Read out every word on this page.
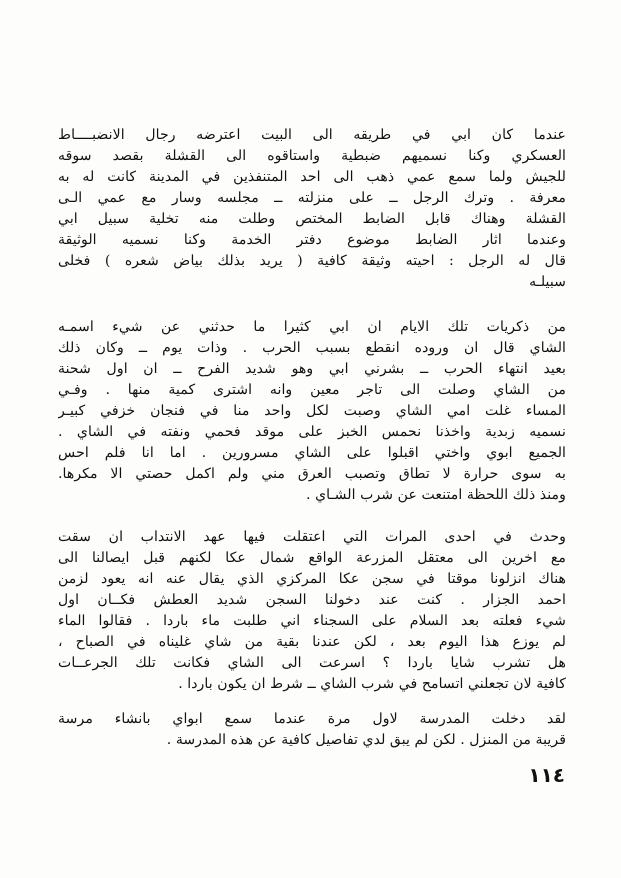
عندما كان ابي في طريقه الى البيت اعترضه رجال الانضبــــاط
العسكري وكنا نسميهم ضبطية واستاقوه الى القشلة بقصد سوقه
للجيش ولما سمع عمي ذهب الى احد المتنفذين في المدينة كانت له به
معرفة . وترك الرجل ــ على منزلته ــ مجلسه وسار مع عمي الـى
القشلة وهناك قابل الضابط المختص وطلت منه تخلية سبيل ابي
وعندما اثار الضابط موضوع دفتر الخدمة وكنا نسميه الوثيقة
قال له الرجل : احيته وثيقة كافية ( يريد بذلك بياض شعره ) فخلى
سبيلـه
من ذكريات تلك الايام ان ابي كثيرا ما حدثني عن شيء اسمـه
الشاي قال ان وروده انقطع بسبب الحرب . وذات يوم ــ وكان ذلك
بعيد انتهاء الحرب ــ بشرني ابي وهو شديد الفرح ــ ان اول شحنة
من الشاي وصلت الى تاجر معين وانه اشترى كمية منها . وفـي
المساء غلت امي الشاي وصبت لكل واحد منا في فنجان خزفي كبيـر
نسميه زبدية واخذنا نحمس الخبز على موقد فحمي ونفته في الشاي .
الجميع ابوي واختي اقبلوا على الشاي مسرورين . اما انا فلم احس
به سوى حرارة لا تطاق وتصبب العرق مني ولم اكمل حصتي الا مكرها.
ومنذ ذلك اللحظة امتنعت عن شرب الشـاي .
وحدث في احدى المرات التي اعتقلت فيها عهد الانتداب ان سقت
مع اخرين الى معتقل المزرعة الواقع شمال عكا لكنهم قبل ايصالنا الى
هناك انزلونا موقتا في سجن عكا المركزي الذي يقال عنه انه يعود لزمن
احمد الجزار . كنت عند دخولنا السجن شديد العطش فكــان اول
شيء فعلته بعد السلام على السجناء اني طلبت ماء باردا . فقالوا الماء
لم يوزع هذا اليوم بعد ، لكن عندنا بقية من شاي غليناه في الصباح ،
هل تشرب شايا باردا ؟ اسرعت الى الشاي فكانت تلك الجرعــات
كافية لان تجعلني اتسامح في شرب الشاي ــ شرط ان يكون باردا .
لقد دخلت المدرسة لاول مرة عندما سمع ابواي بانشاء مرسة
قريبة من المنزل . لكن لم يبق لدي تفاصيل كافية عن هذه المدرسة .
١١٤
